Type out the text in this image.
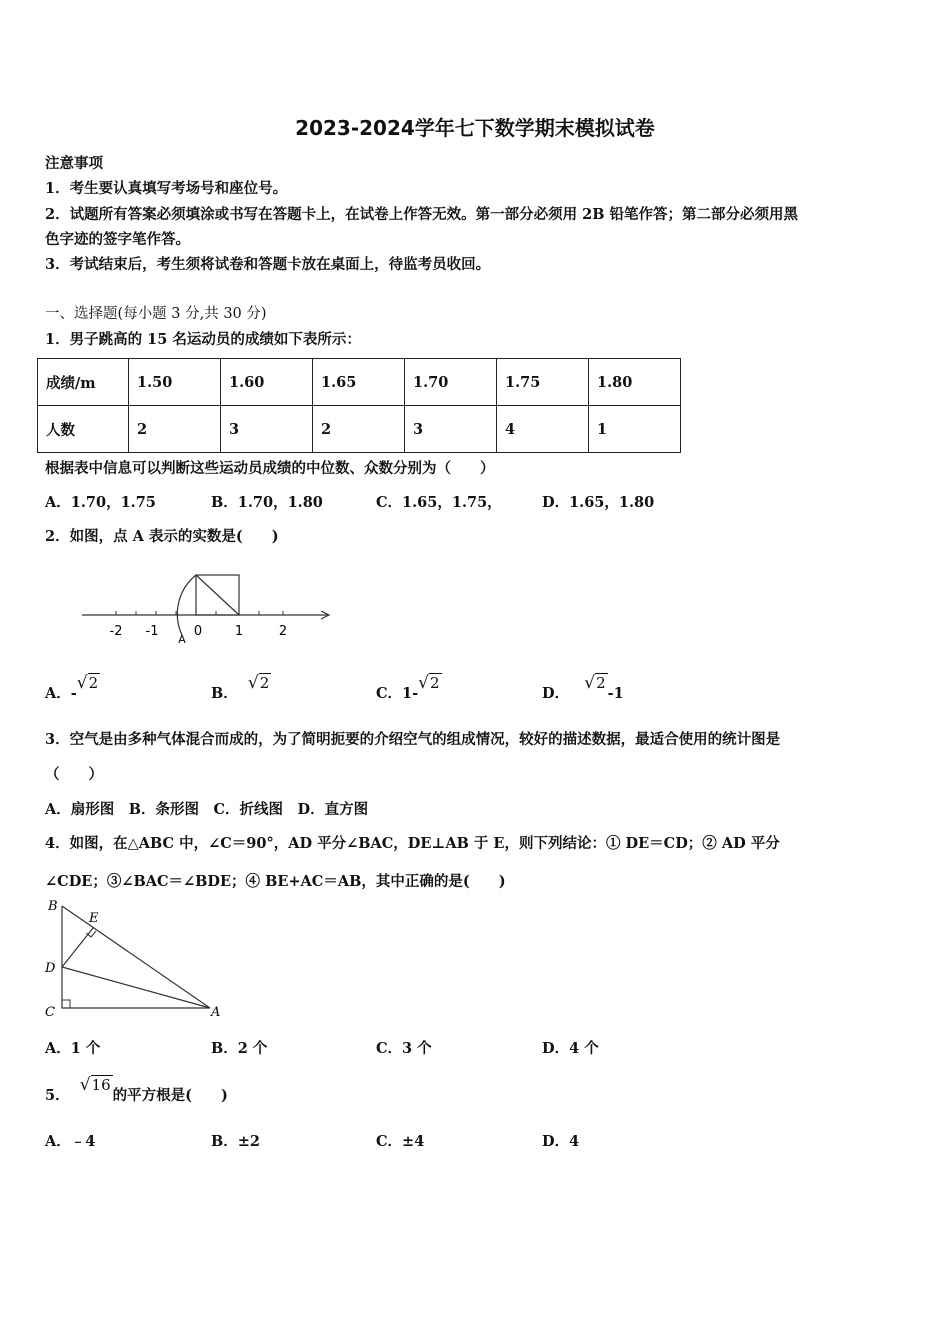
2023-2024学年七下数学期末模拟试卷
注意事项
1．考生要认真填写考场号和座位号。
2．试题所有答案必须填涂或书写在答题卡上，在试卷上作答无效。第一部分必须用 2B 铅笔作答；第二部分必须用黑
色字迹的签字笔作答。
3．考试结束后，考生须将试卷和答题卡放在桌面上，待监考员收回。
一、选择题(每小题 3 分,共 30 分)
1．男子跳高的 15 名运动员的成绩如下表所示：
成绩/m	1.50	1.60	1.65	1.70	1.75	1.80
人数	2	3	2	3	4	1
根据表中信息可以判断这些运动员成绩的中位数、众数分别为（　　）
A．1.70，1.75	B．1.70，1.80	C．1.65，1.75，	D．1.65，1.80
2．如图，点 A 表示的实数是(　　)
-2 -1	0	1	2
A
A．-√2
B．  √2
C．1-√2
D．   √2-1
3．空气是由多种气体混合而成的，为了简明扼要的介绍空气的组成情况，较好的描述数据，最适合使用的统计图是
（　　）
A．扇形图　B．条形图　C．折线图　D．直方图
4．如图，在△ABC 中，∠C＝90°，AD 平分∠BAC，DE⊥AB 于 E，则下列结论：① DE＝CD；② AD 平分
∠CDE；③∠BAC＝∠BDE；④ BE+AC＝AB，其中正确的是(　　)
B
E
D
C	A
A．1 个	B．2 个	C．3 个	D．4 个
5．  √16的平方根是(　　)
A．﹣4	B．±2	C．±4	D．4
